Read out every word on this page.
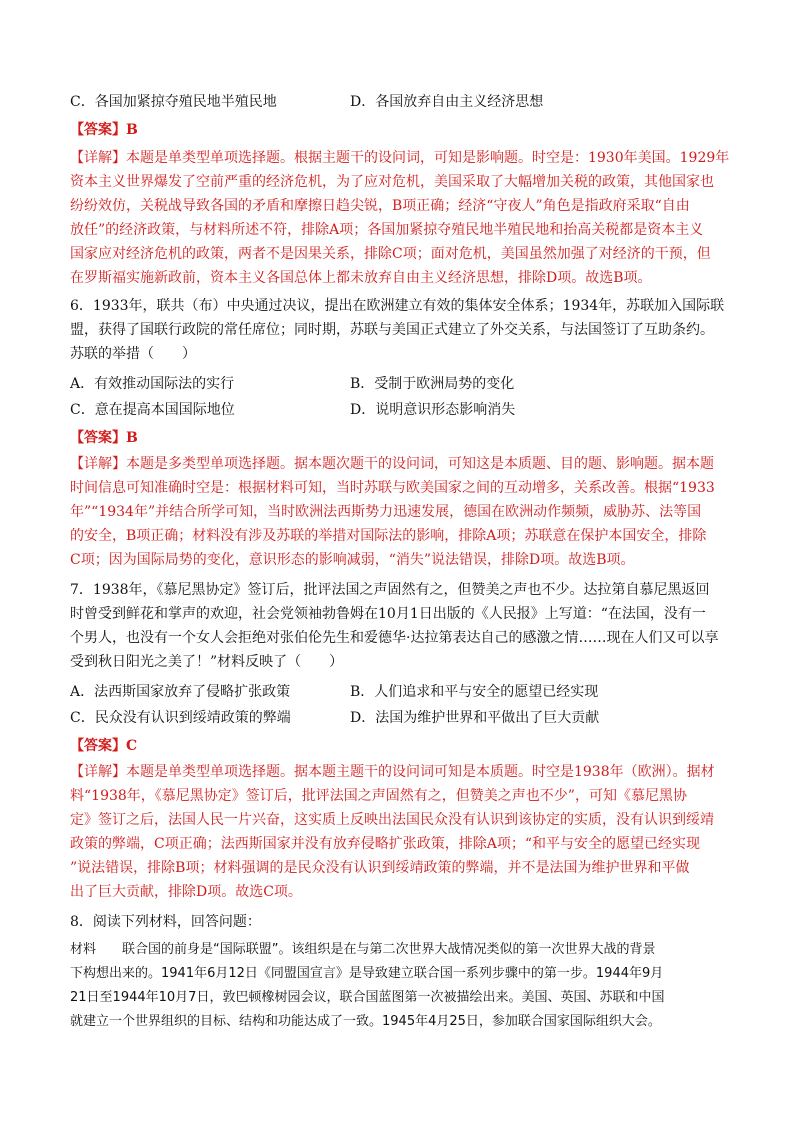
C．各国加紧掠夺殖民地半殖民地	D．各国放弃自由主义经济思想
【答案】B
【详解】本题是单类型单项选择题。根据主题干的设问词，可知是影响题。时空是：1930年美国。1929年
资本主义世界爆发了空前严重的经济危机，为了应对危机，美国采取了大幅增加关税的政策，其他国家也
纷纷效仿，关税战导致各国的矛盾和摩擦日趋尖锐，B项正确；经济“守夜人”角色是指政府采取“自由
放任”的经济政策，与材料所述不符，排除A项；各国加紧掠夺殖民地半殖民地和抬高关税都是资本主义
国家应对经济危机的政策，两者不是因果关系，排除C项；面对危机，美国虽然加强了对经济的干预，但
在罗斯福实施新政前，资本主义各国总体上都未放弃自由主义经济思想，排除D项。故选B项。
6．1933年，联共（布）中央通过决议，提出在欧洲建立有效的集体安全体系；1934年，苏联加入国际联
盟，获得了国联行政院的常任席位；同时期，苏联与美国正式建立了外交关系，与法国签订了互助条约。
苏联的举措（　　）
A．有效推动国际法的实行	B．受制于欧洲局势的变化
C．意在提高本国国际地位	D．说明意识形态影响消失
【答案】B
【详解】本题是多类型单项选择题。据本题次题干的设问词，可知这是本质题、目的题、影响题。据本题
时间信息可知准确时空是：根据材料可知，当时苏联与欧美国家之间的互动增多，关系改善。根据“1933
年”“1934年”并结合所学可知，当时欧洲法西斯势力迅速发展，德国在欧洲动作频频，威胁苏、法等国
的安全，B项正确；材料没有涉及苏联的举措对国际法的影响，排除A项；苏联意在保护本国安全，排除
C项；因为国际局势的变化，意识形态的影响减弱，“消失”说法错误，排除D项。故选B项。
7．1938年，《慕尼黑协定》签订后，批评法国之声固然有之，但赞美之声也不少。达拉第自慕尼黑返回
时曾受到鲜花和掌声的欢迎，社会党领袖勃鲁姆在10月1日出版的《人民报》上写道：“在法国，没有一
个男人，也没有一个女人会拒绝对张伯伦先生和爱德华·达拉第表达自己的感激之情……现在人们又可以享
受到秋日阳光之美了！”材料反映了（　　）
A．法西斯国家放弃了侵略扩张政策	B．人们追求和平与安全的愿望已经实现
C．民众没有认识到绥靖政策的弊端	D．法国为维护世界和平做出了巨大贡献
【答案】C
【详解】本题是单类型单项选择题。据本题主题干的设问词可知是本质题。时空是1938年（欧洲）。据材
料“1938年，《慕尼黑协定》签订后，批评法国之声固然有之，但赞美之声也不少”，可知《慕尼黑协
定》签订之后，法国人民一片兴奋，这实质上反映出法国民众没有认识到该协定的实质，没有认识到绥靖
政策的弊端，C项正确；法西斯国家并没有放弃侵略扩张政策，排除A项；“和平与安全的愿望已经实现
”说法错误，排除B项；材料强调的是民众没有认识到绥靖政策的弊端，并不是法国为维护世界和平做
出了巨大贡献，排除D项。故选C项。
8．阅读下列材料，回答问题：
材料　　联合国的前身是“国际联盟”。该组织是在与第二次世界大战情况类似的第一次世界大战的背景
下构想出来的。1941年6月12日《同盟国宣言》是导致建立联合国一系列步骤中的第一步。1944年9月
21日至1944年10月7日，敦巴顿橡树园会议，联合国蓝图第一次被描绘出来。美国、英国、苏联和中国
就建立一个世界组织的目标、结构和功能达成了一致。1945年4月25日，参加联合国家国际组织大会。
